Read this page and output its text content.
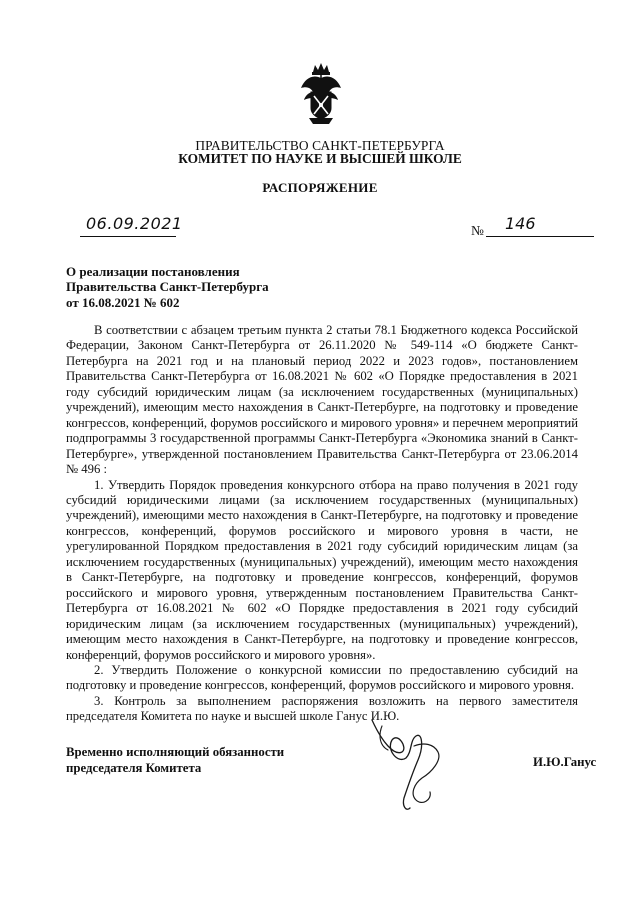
ПРАВИТЕЛЬСТВО САНКТ-ПЕТЕРБУРГА
КОМИТЕТ ПО НАУКЕ И ВЫСШЕЙ ШКОЛЕ
РАСПОРЯЖЕНИЕ
06.09.2021	№ 146
О реализации постановления
Правительства Санкт-Петербурга
от 16.08.2021 № 602

В соответствии с абзацем третьим пункта 2 статьи 78.1 Бюджетного кодекса Российской Федерации, Законом Санкт-Петербурга от 26.11.2020 № 549-114 «О бюджете Санкт-Петербурга на 2021 год и на плановый период 2022 и 2023 годов», постановлением Правительства Санкт-Петербурга от 16.08.2021 № 602 «О Порядке предоставления в 2021 году субсидий юридическим лицам (за исключением государственных (муниципальных) учреждений), имеющим место нахождения в Санкт-Петербурге, на подготовку и проведение конгрессов, конференций, форумов российского и мирового уровня» и перечнем мероприятий подпрограммы 3 государственной программы Санкт-Петербурга «Экономика знаний в Санкт-Петербурге», утвержденной постановлением Правительства Санкт-Петербурга от 23.06.2014 № 496 :

1. Утвердить Порядок проведения конкурсного отбора на право получения в 2021 году субсидий юридическими лицами (за исключением государственных (муниципальных) учреждений), имеющими место нахождения в Санкт-Петербурге, на подготовку и проведение конгрессов, конференций, форумов российского и мирового уровня в части, не урегулированной Порядком предоставления в 2021 году субсидий юридическим лицам (за исключением государственных (муниципальных) учреждений), имеющим место нахождения в Санкт-Петербурге, на подготовку и проведение конгрессов, конференций, форумов российского и мирового уровня, утвержденным постановлением Правительства Санкт-Петербурга от 16.08.2021 № 602 «О Порядке предоставления в 2021 году субсидий юридическим лицам (за исключением государственных (муниципальных) учреждений), имеющим место нахождения в Санкт-Петербурге, на подготовку и проведение конгрессов, конференций, форумов российского и мирового уровня».

2. Утвердить Положение о конкурсной комиссии по предоставлению субсидий на подготовку и проведение конгрессов, конференций, форумов российского и мирового уровня.

3. Контроль за выполнением распоряжения возложить на первого заместителя председателя Комитета по науке и высшей школе Ганус И.Ю.

Временно исполняющий обязанности
председателя Комитета	И.Ю.Ганус
